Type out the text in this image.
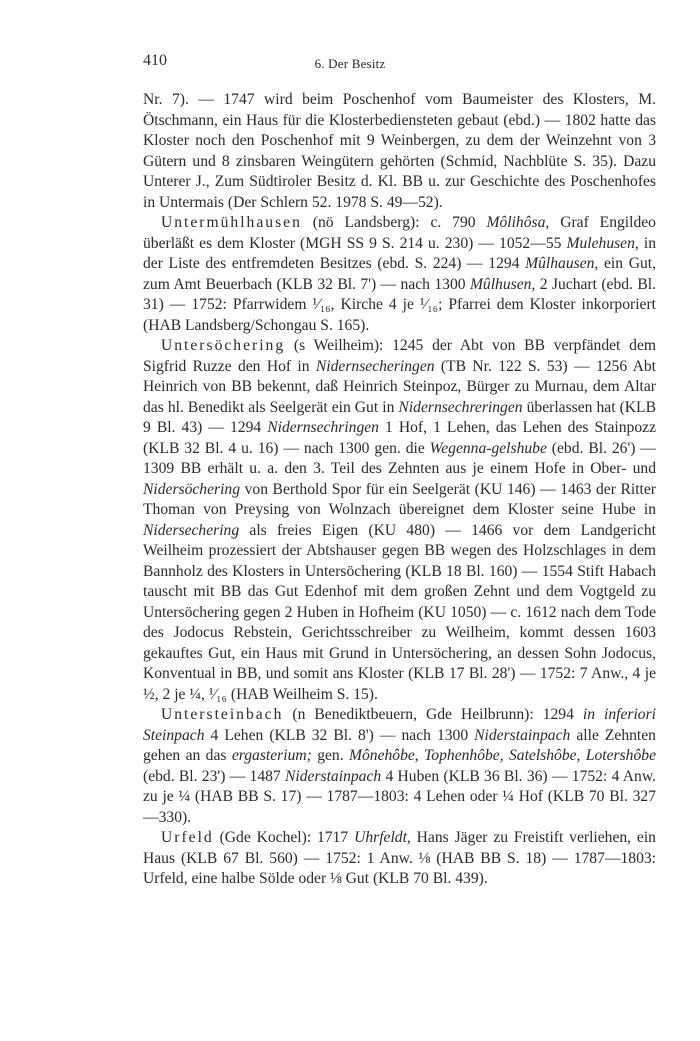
410	6. Der Besitz

Nr. 7). — 1747 wird beim Poschenhof vom Baumeister des Klosters, M. Ötschmann, ein Haus für die Klosterbediensteten gebaut (ebd.) — 1802 hatte das Kloster noch den Poschenhof mit 9 Weinbergen, zu dem der Weinzehnt von 3 Gütern und 8 zinsbaren Weingütern gehörten (Schmid, Nachblüte S. 35). Dazu Unterer J., Zum Südtiroler Besitz d. Kl. BB u. zur Geschichte des Poschenhofes in Untermais (Der Schlern 52. 1978 S. 49—52).

Untermühlhausen (nö Landsberg): c. 790 Môlihôsa, Graf Engildeo überläßt es dem Kloster (MGH SS 9 S. 214 u. 230) — 1052—55 Mulehusen, in der Liste des entfremdeten Besitzes (ebd. S. 224) — 1294 Mûlhausen, ein Gut, zum Amt Beuerbach (KLB 32 Bl. 7') — nach 1300 Mûlhusen, 2 Juchart (ebd. Bl. 31) — 1752: Pfarrwidem ¹⁄₁₆, Kirche 4 je ¹⁄₁₆; Pfarrei dem Kloster inkorporiert (HAB Landsberg/Schongau S. 165).

Untersöchering (s Weilheim): 1245 der Abt von BB verpfändet dem Sigfrid Ruzze den Hof in Nidernsecheringen (TB Nr. 122 S. 53) — 1256 Abt Heinrich von BB bekennt, daß Heinrich Steinpoz, Bürger zu Murnau, dem Altar das hl. Benedikt als Seelgerät ein Gut in Nidernsechreringen überlassen hat (KLB 9 Bl. 43) — 1294 Nidernsechringen 1 Hof, 1 Lehen, das Lehen des Stainpozz (KLB 32 Bl. 4 u. 16) — nach 1300 gen. die Wegenna-gelshube (ebd. Bl. 26') — 1309 BB erhält u. a. den 3. Teil des Zehnten aus je einem Hofe in Ober- und Nidersöchering von Berthold Spor für ein Seelgerät (KU 146) — 1463 der Ritter Thoman von Preysing von Wolnzach übereignet dem Kloster seine Hube in Nidersechering als freies Eigen (KU 480) — 1466 vor dem Landgericht Weilheim prozessiert der Abtshauser gegen BB wegen des Holzschlages in dem Bannholz des Klosters in Untersöchering (KLB 18 Bl. 160) — 1554 Stift Habach tauscht mit BB das Gut Edenhof mit dem großen Zehnt und dem Vogtgeld zu Untersöchering gegen 2 Huben in Hofheim (KU 1050) — c. 1612 nach dem Tode des Jodocus Rebstein, Gerichtsschreiber zu Weilheim, kommt dessen 1603 gekauftes Gut, ein Haus mit Grund in Untersöchering, an dessen Sohn Jodocus, Konventual in BB, und somit ans Kloster (KLB 17 Bl. 28') — 1752: 7 Anw., 4 je ½, 2 je ¼, ¹⁄₁₆ (HAB Weilheim S. 15).

Untersteinbach (n Benediktbeuern, Gde Heilbrunn): 1294 in inferiori Steinpach 4 Lehen (KLB 32 Bl. 8') — nach 1300 Niderstainpach alle Zehnten gehen an das ergasterium; gen. Mônehôbe, Tophenhôbe, Satelshôbe, Lotershôbe (ebd. Bl. 23') — 1487 Niderstainpach 4 Huben (KLB 36 Bl. 36) — 1752: 4 Anw. zu je ¼ (HAB BB S. 17) — 1787—1803: 4 Lehen oder ¼ Hof (KLB 70 Bl. 327—330).

Urfeld (Gde Kochel): 1717 Uhrfeldt, Hans Jäger zu Freistift verliehen, ein Haus (KLB 67 Bl. 560) — 1752: 1 Anw. ⅛ (HAB BB S. 18) — 1787—1803: Urfeld, eine halbe Sölde oder ⅛ Gut (KLB 70 Bl. 439).
